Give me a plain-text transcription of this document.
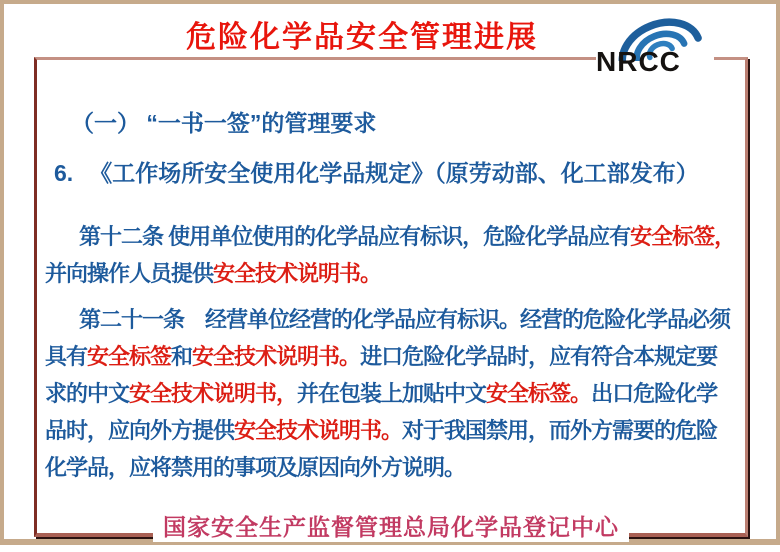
危险化学品安全管理进展
NRCC
（一） “一书一签”的管理要求
6. 《工作场所安全使用化学品规定》（原劳动部、化工部发布）
第十二条 使用单位使用的化学品应有标识，危险化学品应有安全标签，
并向操作人员提供安全技术说明书。
第二十一条　经营单位经营的化学品应有标识。经营的危险化学品必须
具有安全标签和安全技术说明书。进口危险化学品时，应有符合本规定要
求的中文安全技术说明书，并在包装上加贴中文安全标签。出口危险化学
品时，应向外方提供安全技术说明书。对于我国禁用，而外方需要的危险
化学品，应将禁用的事项及原因向外方说明。
国家安全生产监督管理总局化学品登记中心
